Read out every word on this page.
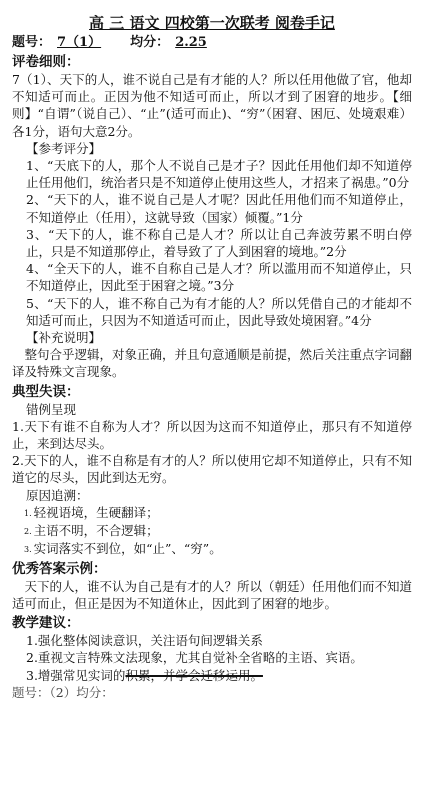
高 三 语文 四校第一次联考 阅卷手记
题号： 7（1） 均分： 2.25
评卷细则：
7（1）、天下的人，谁不说自己是有才能的人？所以任用他做了官，他却不知适可而止。正因为他不知适可而止，所以才到了困窘的地步。【细则】“自谓”（说自己）、“止”(适可而止)、“穷”（困窘、困厄、处境艰难）各1分，语句大意2分。
【参考评分】
1、“天底下的人，那个人不说自己是才子？因此任用他们却不知道停止任用他们，统治者只是不知道停止使用这些人，才招来了祸患。”0分
2、“天下的人，谁不说自己是人才呢？因此任用他们而不知道停止，不知道停止（任用），这就导致（国家）倾覆。”1分
3、“天下的人，谁不称自己是人才？所以让自己奔波劳累不明白停止，只是不知道那停止，着导致了了人到困窘的境地。”2分
4、“全天下的人，谁不自称自己是人才？所以滥用而不知道停止，只不知道停止，因此至于困窘之境。”3分
5、“天下的人，谁不称自己为有才能的人？所以凭借自己的才能却不知适可而止，只因为不知道适可而止，因此导致处境困窘。”4分
【补充说明】
整句合乎逻辑，对象正确，并且句意通顺是前提，然后关注重点字词翻译及特殊文言现象。
典型失误：
错例呈现
1.天下有谁不自称为人才？所以因为这而不知道停止，那只有不知道停止，来到达尽头。
2.天下的人，谁不自称是有才的人？所以使用它却不知道停止，只有不知道它的尽头，因此到达无穷。
原因追溯：
1. 轻视语境，生硬翻译；
2. 主语不明，不合逻辑；
3. 实词落实不到位，如“止”、“穷”。
优秀答案示例：
天下的人，谁不认为自己是有才的人？所以（朝廷）任用他们而不知道适可而止，但正是因为不知道休止，因此到了困窘的地步。
教学建议：
1.强化整体阅读意识，关注语句间逻辑关系
2.重视文言特殊文法现象，尤其自觉补全省略的主语、宾语。
3.增强常见实词的积累，并学会迁移运用。
题号：（2）均分：
